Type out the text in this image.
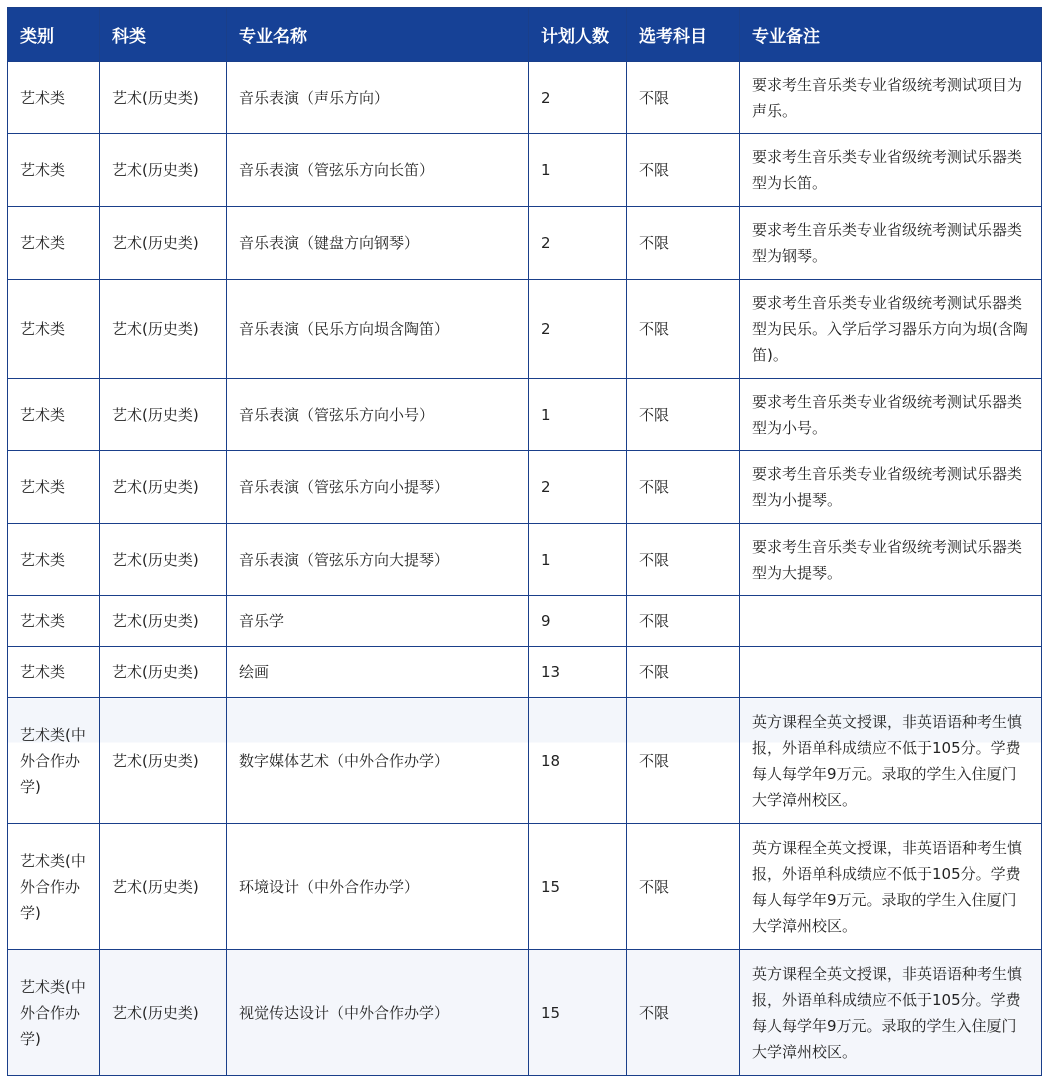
类别	科类	专业名称	计划人数	选考科目	专业备注
艺术类	艺术(历史类)	音乐表演（声乐方向）	2	不限	要求考生音乐类专业省级统考测试项目为声乐。
艺术类	艺术(历史类)	音乐表演（管弦乐方向长笛）	1	不限	要求考生音乐类专业省级统考测试乐器类型为长笛。
艺术类	艺术(历史类)	音乐表演（键盘方向钢琴）	2	不限	要求考生音乐类专业省级统考测试乐器类型为钢琴。
艺术类	艺术(历史类)	音乐表演（民乐方向埙含陶笛）	2	不限	要求考生音乐类专业省级统考测试乐器类型为民乐。入学后学习器乐方向为埙(含陶笛)。
艺术类	艺术(历史类)	音乐表演（管弦乐方向小号）	1	不限	要求考生音乐类专业省级统考测试乐器类型为小号。
艺术类	艺术(历史类)	音乐表演（管弦乐方向小提琴）	2	不限	要求考生音乐类专业省级统考测试乐器类型为小提琴。
艺术类	艺术(历史类)	音乐表演（管弦乐方向大提琴）	1	不限	要求考生音乐类专业省级统考测试乐器类型为大提琴。
艺术类	艺术(历史类)	音乐学	9	不限	
艺术类	艺术(历史类)	绘画	13	不限	
艺术类(中外合作办学)	艺术(历史类)	数字媒体艺术（中外合作办学）	18	不限	英方课程全英文授课，非英语语种考生慎报，外语单科成绩应不低于105分。学费每人每学年9万元。录取的学生入住厦门大学漳州校区。
艺术类(中外合作办学)	艺术(历史类)	环境设计（中外合作办学）	15	不限	英方课程全英文授课，非英语语种考生慎报，外语单科成绩应不低于105分。学费每人每学年9万元。录取的学生入住厦门大学漳州校区。
艺术类(中外合作办学)	艺术(历史类)	视觉传达设计（中外合作办学）	15	不限	英方课程全英文授课，非英语语种考生慎报，外语单科成绩应不低于105分。学费每人每学年9万元。录取的学生入住厦门大学漳州校区。
